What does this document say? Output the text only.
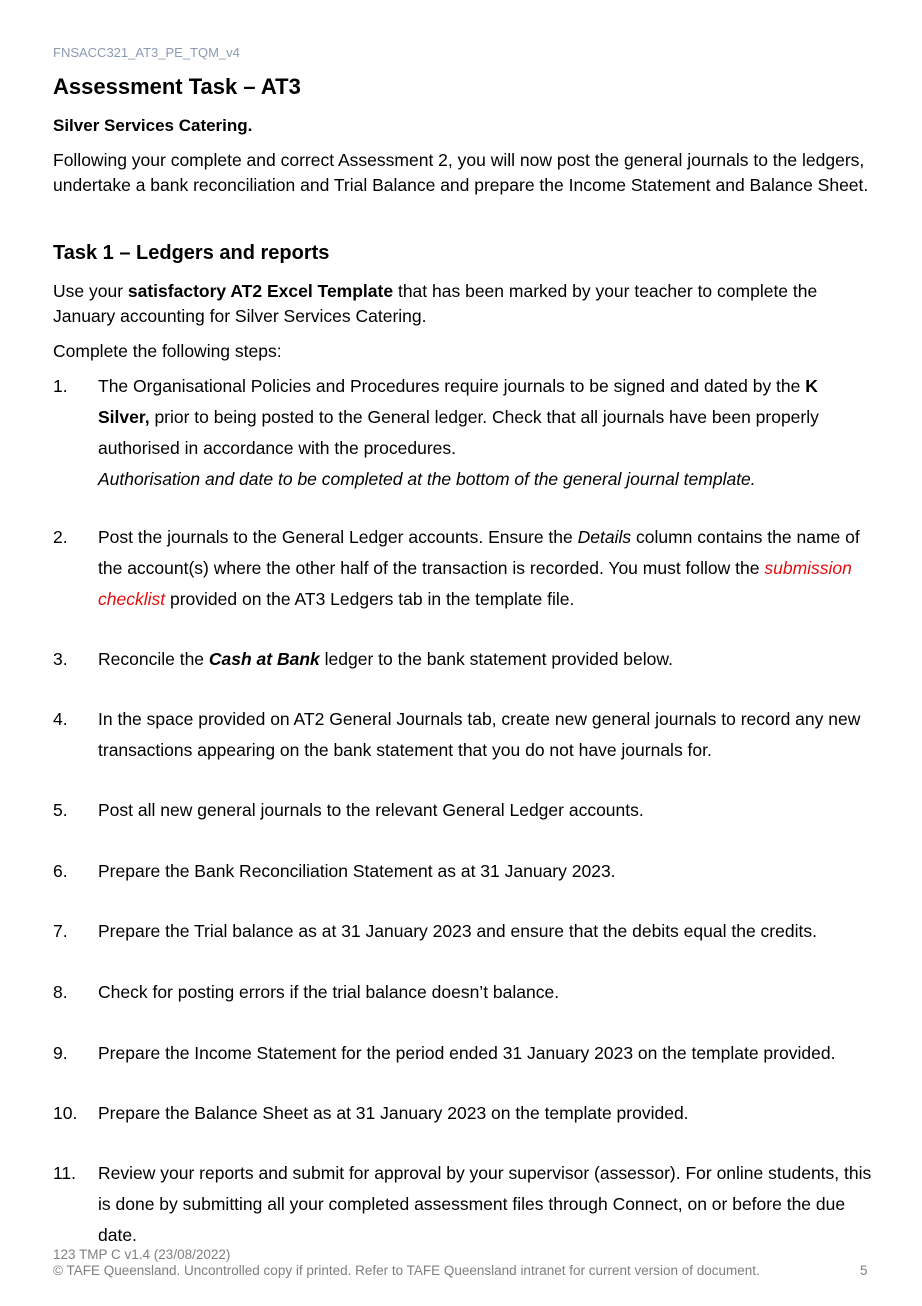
FNSACC321_AT3_PE_TQM_v4
Assessment Task – AT3
Silver Services Catering.
Following your complete and correct Assessment 2, you will now post the general journals to the ledgers, undertake a bank reconciliation and Trial Balance and prepare the Income Statement and Balance Sheet.
Task 1 – Ledgers and reports
Use your satisfactory AT2 Excel Template that has been marked by your teacher to complete the January accounting for Silver Services Catering.
Complete the following steps:
1. The Organisational Policies and Procedures require journals to be signed and dated by the K Silver, prior to being posted to the General ledger. Check that all journals have been properly authorised in accordance with the procedures.
Authorisation and date to be completed at the bottom of the general journal template.
2. Post the journals to the General Ledger accounts. Ensure the Details column contains the name of the account(s) where the other half of the transaction is recorded. You must follow the submission checklist provided on the AT3 Ledgers tab in the template file.
3. Reconcile the Cash at Bank ledger to the bank statement provided below.
4. In the space provided on AT2 General Journals tab, create new general journals to record any new transactions appearing on the bank statement that you do not have journals for.
5. Post all new general journals to the relevant General Ledger accounts.
6. Prepare the Bank Reconciliation Statement as at 31 January 2023.
7. Prepare the Trial balance as at 31 January 2023 and ensure that the debits equal the credits.
8. Check for posting errors if the trial balance doesn’t balance.
9. Prepare the Income Statement for the period ended 31 January 2023 on the template provided.
10. Prepare the Balance Sheet as at 31 January 2023 on the template provided.
11. Review your reports and submit for approval by your supervisor (assessor). For online students, this is done by submitting all your completed assessment files through Connect, on or before the due date.
123 TMP C v1.4 (23/08/2022)
© TAFE Queensland. Uncontrolled copy if printed. Refer to TAFE Queensland intranet for current version of document.	5
